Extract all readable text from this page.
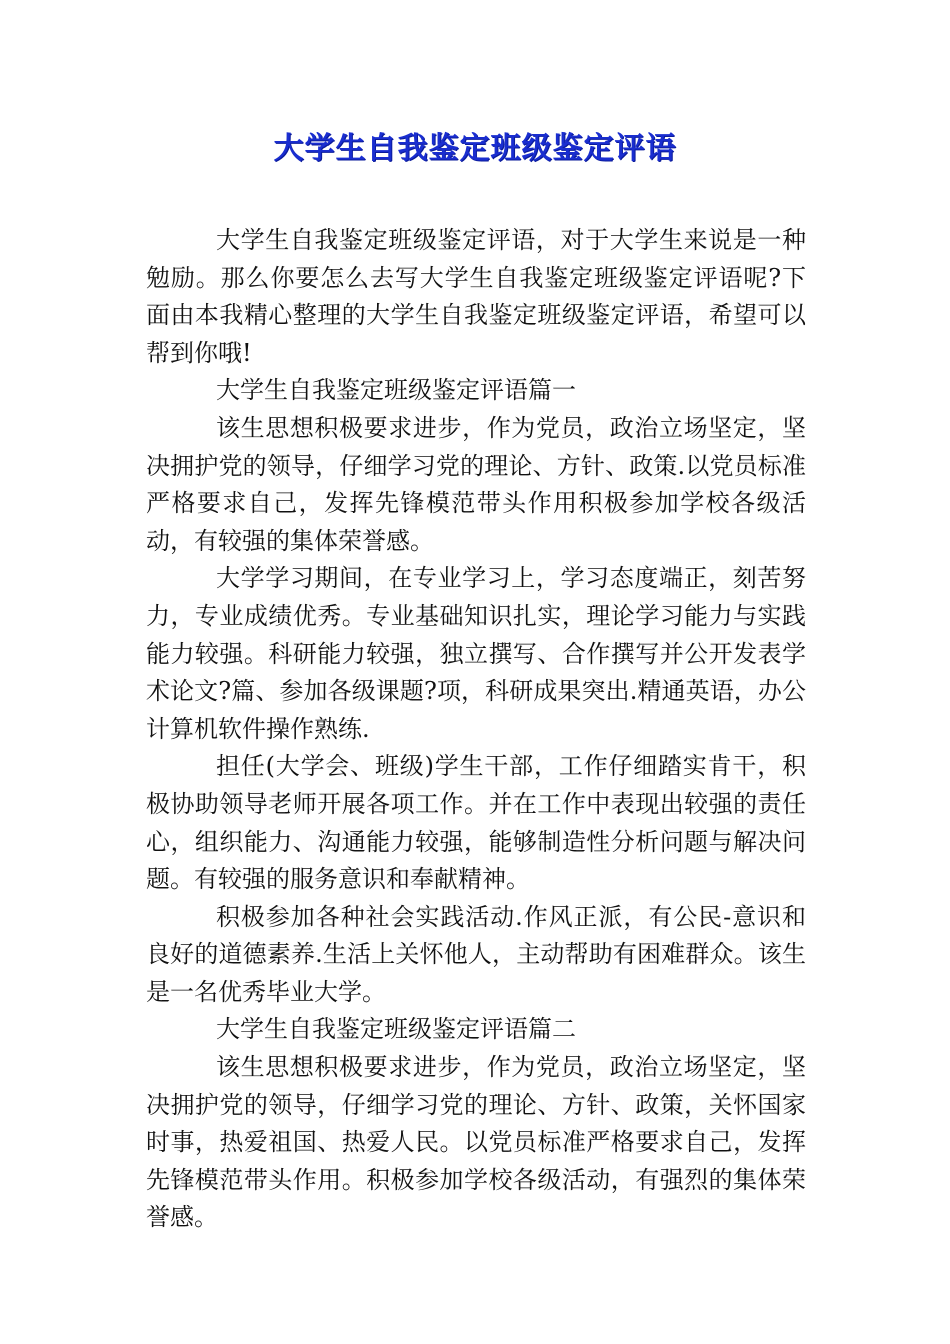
大学生自我鉴定班级鉴定评语

大学生自我鉴定班级鉴定评语，对于大学生来说是一种勉励。那么你要怎么去写大学生自我鉴定班级鉴定评语呢?下面由本我精心整理的大学生自我鉴定班级鉴定评语，希望可以帮到你哦!

大学生自我鉴定班级鉴定评语篇一

该生思想积极要求进步，作为党员，政治立场坚定，坚决拥护党的领导，仔细学习党的理论、方针、政策.以党员标准严格要求自己，发挥先锋模范带头作用积极参加学校各级活动，有较强的集体荣誉感。

大学学习期间，在专业学习上，学习态度端正，刻苦努力，专业成绩优秀。专业基础知识扎实，理论学习能力与实践能力较强。科研能力较强，独立撰写、合作撰写并公开发表学术论文?篇、参加各级课题?项，科研成果突出.精通英语，办公计算机软件操作熟练.

担任(大学会、班级)学生干部，工作仔细踏实肯干，积极协助领导老师开展各项工作。并在工作中表现出较强的责任心，组织能力、沟通能力较强，能够制造性分析问题与解决问题。有较强的服务意识和奉献精神。

积极参加各种社会实践活动.作风正派，有公民-意识和良好的道德素养.生活上关怀他人，主动帮助有困难群众。该生是一名优秀毕业大学。

大学生自我鉴定班级鉴定评语篇二

该生思想积极要求进步，作为党员，政治立场坚定，坚决拥护党的领导，仔细学习党的理论、方针、政策，关怀国家时事，热爱祖国、热爱人民。以党员标准严格要求自己，发挥先锋模范带头作用。积极参加学校各级活动，有强烈的集体荣誉感。
